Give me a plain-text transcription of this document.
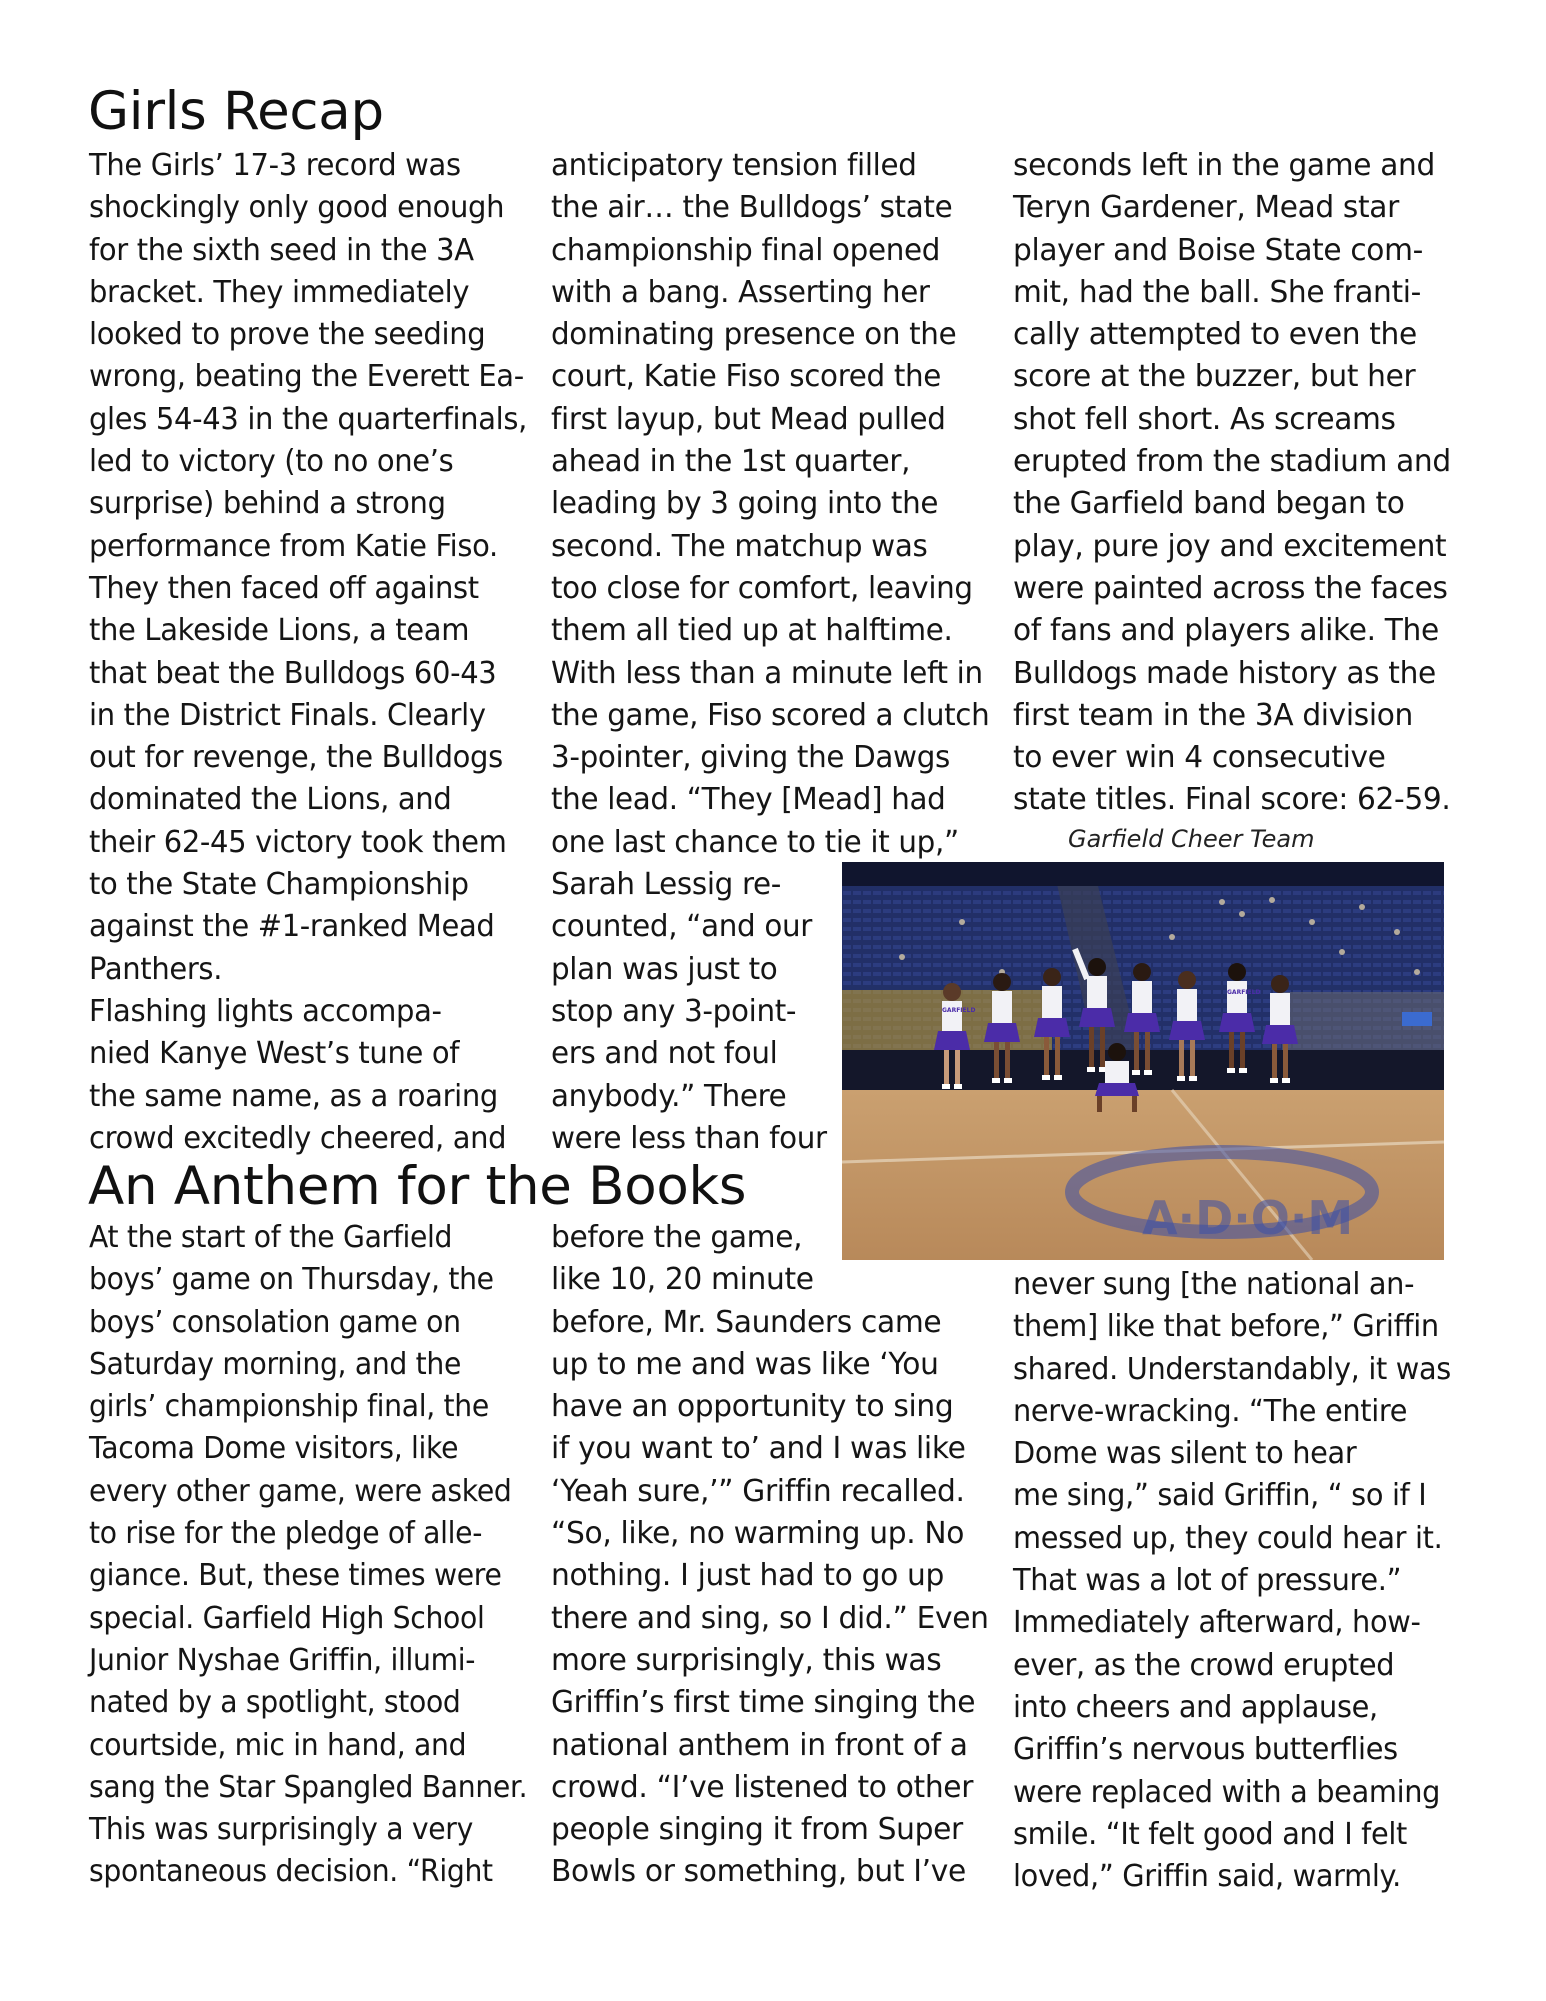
Girls Recap
The Girls’ 17-3 record was
shockingly only good enough
for the sixth seed in the 3A
bracket. They immediately
looked to prove the seeding
wrong, beating the Everett Ea-
gles 54-43 in the quarterfinals,
led to victory (to no one’s
surprise) behind a strong
performance from Katie Fiso.
They then faced off against
the Lakeside Lions, a team
that beat the Bulldogs 60-43
in the District Finals. Clearly
out for revenge, the Bulldogs
dominated the Lions, and
their 62-45 victory took them
to the State Championship
against the #1-ranked Mead
Panthers.
Flashing lights accompa-
nied Kanye West’s tune of
the same name, as a roaring
crowd excitedly cheered, and
anticipatory tension filled
the air… the Bulldogs’ state
championship final opened
with a bang. Asserting her
dominating presence on the
court, Katie Fiso scored the
first layup, but Mead pulled
ahead in the 1st quarter,
leading by 3 going into the
second. The matchup was
too close for comfort, leaving
them all tied up at halftime.
With less than a minute left in
the game, Fiso scored a clutch
3-pointer, giving the Dawgs
the lead. “They [Mead] had
one last chance to tie it up,”
Sarah Lessig re-
counted, “and our
plan was just to
stop any 3-point-
ers and not foul
anybody.” There
were less than four
seconds left in the game and
Teryn Gardener, Mead star
player and Boise State com-
mit, had the ball. She franti-
cally attempted to even the
score at the buzzer, but her
shot fell short. As screams
erupted from the stadium and
the Garfield band began to
play, pure joy and excitement
were painted across the faces
of fans and players alike. The
Bulldogs made history as the
first team in the 3A division
to ever win 4 consecutive
state titles. Final score: 62-59.
Garfield Cheer Team
A·D·O·M
GARFIELD
GARFIELD
An Anthem for the Books
At the start of the Garfield
boys’ game on Thursday, the
boys’ consolation game on
Saturday morning, and the
girls’ championship final, the
Tacoma Dome visitors, like
every other game, were asked
to rise for the pledge of alle-
giance. But, these times were
special. Garfield High School
Junior Nyshae Griffin, illumi-
nated by a spotlight, stood
courtside, mic in hand, and
sang the Star Spangled Banner.
This was surprisingly a very
spontaneous decision. “Right
before the game,
like 10, 20 minute
before, Mr. Saunders came
up to me and was like ‘You
have an opportunity to sing
if you want to’ and I was like
‘Yeah sure,’” Griffin recalled.
“So, like, no warming up. No
nothing. I just had to go up
there and sing, so I did.” Even
more surprisingly, this was
Griffin’s first time singing the
national anthem in front of a
crowd. “I’ve listened to other
people singing it from Super
Bowls or something, but I’ve
never sung [the national an-
them] like that before,” Griffin
shared. Understandably, it was
nerve-wracking. “The entire
Dome was silent to hear
me sing,” said Griffin, “ so if I
messed up, they could hear it.
That was a lot of pressure.”
Immediately afterward, how-
ever, as the crowd erupted
into cheers and applause,
Griffin’s nervous butterflies
were replaced with a beaming
smile. “It felt good and I felt
loved,” Griffin said, warmly.
